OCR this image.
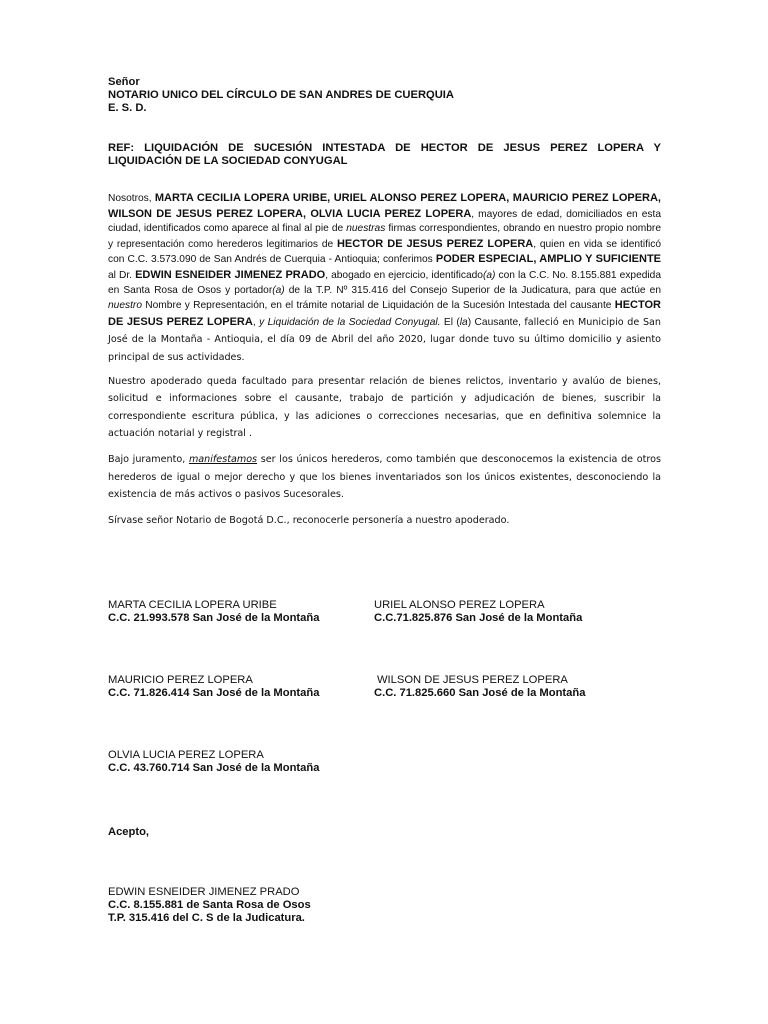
Señor
NOTARIO UNICO DEL CÍRCULO DE SAN ANDRES DE CUERQUIA
E. S. D.
REF: LIQUIDACIÓN DE SUCESIÓN INTESTADA DE HECTOR DE JESUS PEREZ LOPERA Y LIQUIDACIÓN DE LA SOCIEDAD CONYUGAL
Nosotros, MARTA CECILIA LOPERA URIBE, URIEL ALONSO PEREZ LOPERA, MAURICIO PEREZ LOPERA, WILSON DE JESUS PEREZ LOPERA, OLVIA LUCIA PEREZ LOPERA, mayores de edad, domiciliados en esta ciudad, identificados como aparece al final al pie de nuestras firmas correspondientes, obrando en nuestro propio nombre y representación como herederos legitimarios de HECTOR DE JESUS PEREZ LOPERA, quien en vida se identificó con C.C. 3.573.090 de San Andrés de Cuerquia - Antioquia; conferimos PODER ESPECIAL, AMPLIO Y SUFICIENTE al Dr. EDWIN ESNEIDER JIMENEZ PRADO, abogado en ejercicio, identificado(a) con la C.C. No. 8.155.881 expedida en Santa Rosa de Osos y portador(a) de la T.P. Nº 315.416 del Consejo Superior de la Judicatura, para que actúe en nuestro Nombre y Representación, en el trámite notarial de Liquidación de la Sucesión Intestada del causante HECTOR DE JESUS PEREZ LOPERA, y Liquidación de la Sociedad Conyugal. El (la) Causante, falleció en Municipio de San José de la Montaña - Antioquia, el día 09 de Abril del año 2020, lugar donde tuvo su último domicilio y asiento principal de sus actividades.
Nuestro apoderado queda facultado para presentar relación de bienes relictos, inventario y avalúo de bienes, solicitud e informaciones sobre el causante, trabajo de partición y adjudicación de bienes, suscribir la correspondiente escritura pública, y las adiciones o correcciones necesarias, que en definitiva solemnice la actuación notarial y registral .
Bajo juramento, manifestamos ser los únicos herederos, como también que desconocemos la existencia de otros herederos de igual o mejor derecho y que los bienes inventariados son los únicos existentes, desconociendo la existencia de más activos o pasivos Sucesorales.
Sírvase señor Notario de Bogotá D.C., reconocerle personería a nuestro apoderado.
MARTA CECILIA LOPERA URIBE
C.C. 21.993.578 San José de la Montaña
URIEL ALONSO PEREZ LOPERA
C.C.71.825.876 San José de la Montaña
MAURICIO PEREZ LOPERA
C.C. 71.826.414 San José de la Montaña
WILSON DE JESUS PEREZ LOPERA
C.C. 71.825.660 San José de la Montaña
OLVIA LUCIA PEREZ LOPERA
C.C. 43.760.714 San José de la Montaña
Acepto,
EDWIN ESNEIDER JIMENEZ PRADO
C.C. 8.155.881 de Santa Rosa de Osos
T.P. 315.416 del C. S de la Judicatura.
